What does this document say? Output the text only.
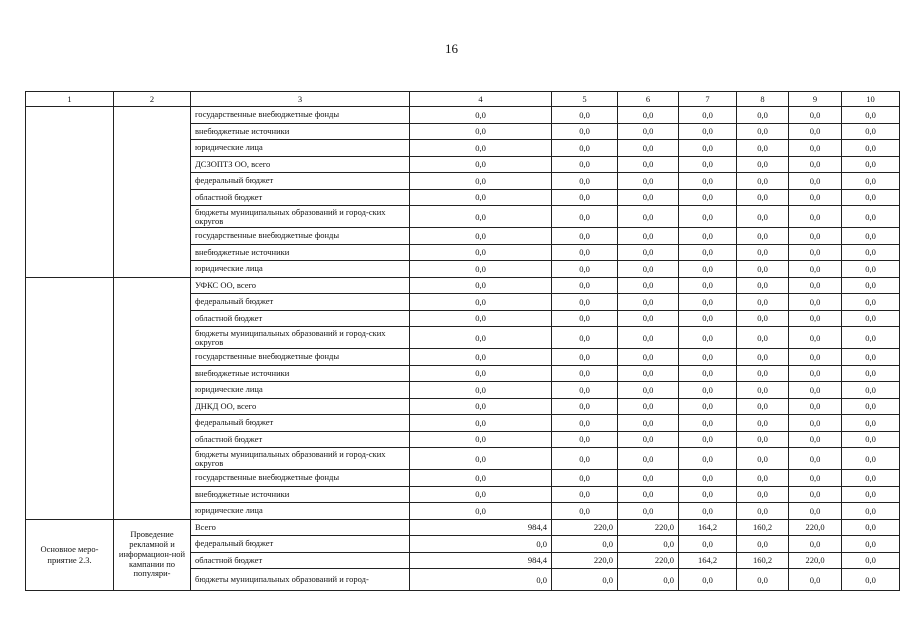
16
1	2	3	4	5	6	7	8	9	10
		государственные внебюджетные фонды	0,0	0,0	0,0	0,0	0,0	0,0	0,0
		внебюджетные источники	0,0	0,0	0,0	0,0	0,0	0,0	0,0
		юридические лица	0,0	0,0	0,0	0,0	0,0	0,0	0,0
		ДСЗОПТЗ ОО, всего	0,0	0,0	0,0	0,0	0,0	0,0	0,0
		федеральный бюджет	0,0	0,0	0,0	0,0	0,0	0,0	0,0
		областной бюджет	0,0	0,0	0,0	0,0	0,0	0,0	0,0
		бюджеты муниципальных образований и город-ских округов	0,0	0,0	0,0	0,0	0,0	0,0	0,0
		государственные внебюджетные фонды	0,0	0,0	0,0	0,0	0,0	0,0	0,0
		внебюджетные источники	0,0	0,0	0,0	0,0	0,0	0,0	0,0
		юридические лица	0,0	0,0	0,0	0,0	0,0	0,0	0,0
		УФКС ОО, всего	0,0	0,0	0,0	0,0	0,0	0,0	0,0
		федеральный бюджет	0,0	0,0	0,0	0,0	0,0	0,0	0,0
		областной бюджет	0,0	0,0	0,0	0,0	0,0	0,0	0,0
		бюджеты муниципальных образований и город-ских округов	0,0	0,0	0,0	0,0	0,0	0,0	0,0
		государственные внебюджетные фонды	0,0	0,0	0,0	0,0	0,0	0,0	0,0
		внебюджетные источники	0,0	0,0	0,0	0,0	0,0	0,0	0,0
		юридические лица	0,0	0,0	0,0	0,0	0,0	0,0	0,0
		ДНКД ОО, всего	0,0	0,0	0,0	0,0	0,0	0,0	0,0
		федеральный бюджет	0,0	0,0	0,0	0,0	0,0	0,0	0,0
		областной бюджет	0,0	0,0	0,0	0,0	0,0	0,0	0,0
		бюджеты муниципальных образований и город-ских округов	0,0	0,0	0,0	0,0	0,0	0,0	0,0
		государственные внебюджетные фонды	0,0	0,0	0,0	0,0	0,0	0,0	0,0
		внебюджетные источники	0,0	0,0	0,0	0,0	0,0	0,0	0,0
		юридические лица	0,0	0,0	0,0	0,0	0,0	0,0	0,0
Основное меро-приятие 2.3.	Проведение рекламной и информацион-ной кампании по популяри-	Всего	984,4	220,0	220,0	164,2	160,2	220,0	0,0
		федеральный бюджет	0,0	0,0	0,0	0,0	0,0	0,0	0,0
		областной бюджет	984,4	220,0	220,0	164,2	160,2	220,0	0,0
		бюджеты муниципальных образований и город-	0,0	0,0	0,0	0,0	0,0	0,0	0,0
